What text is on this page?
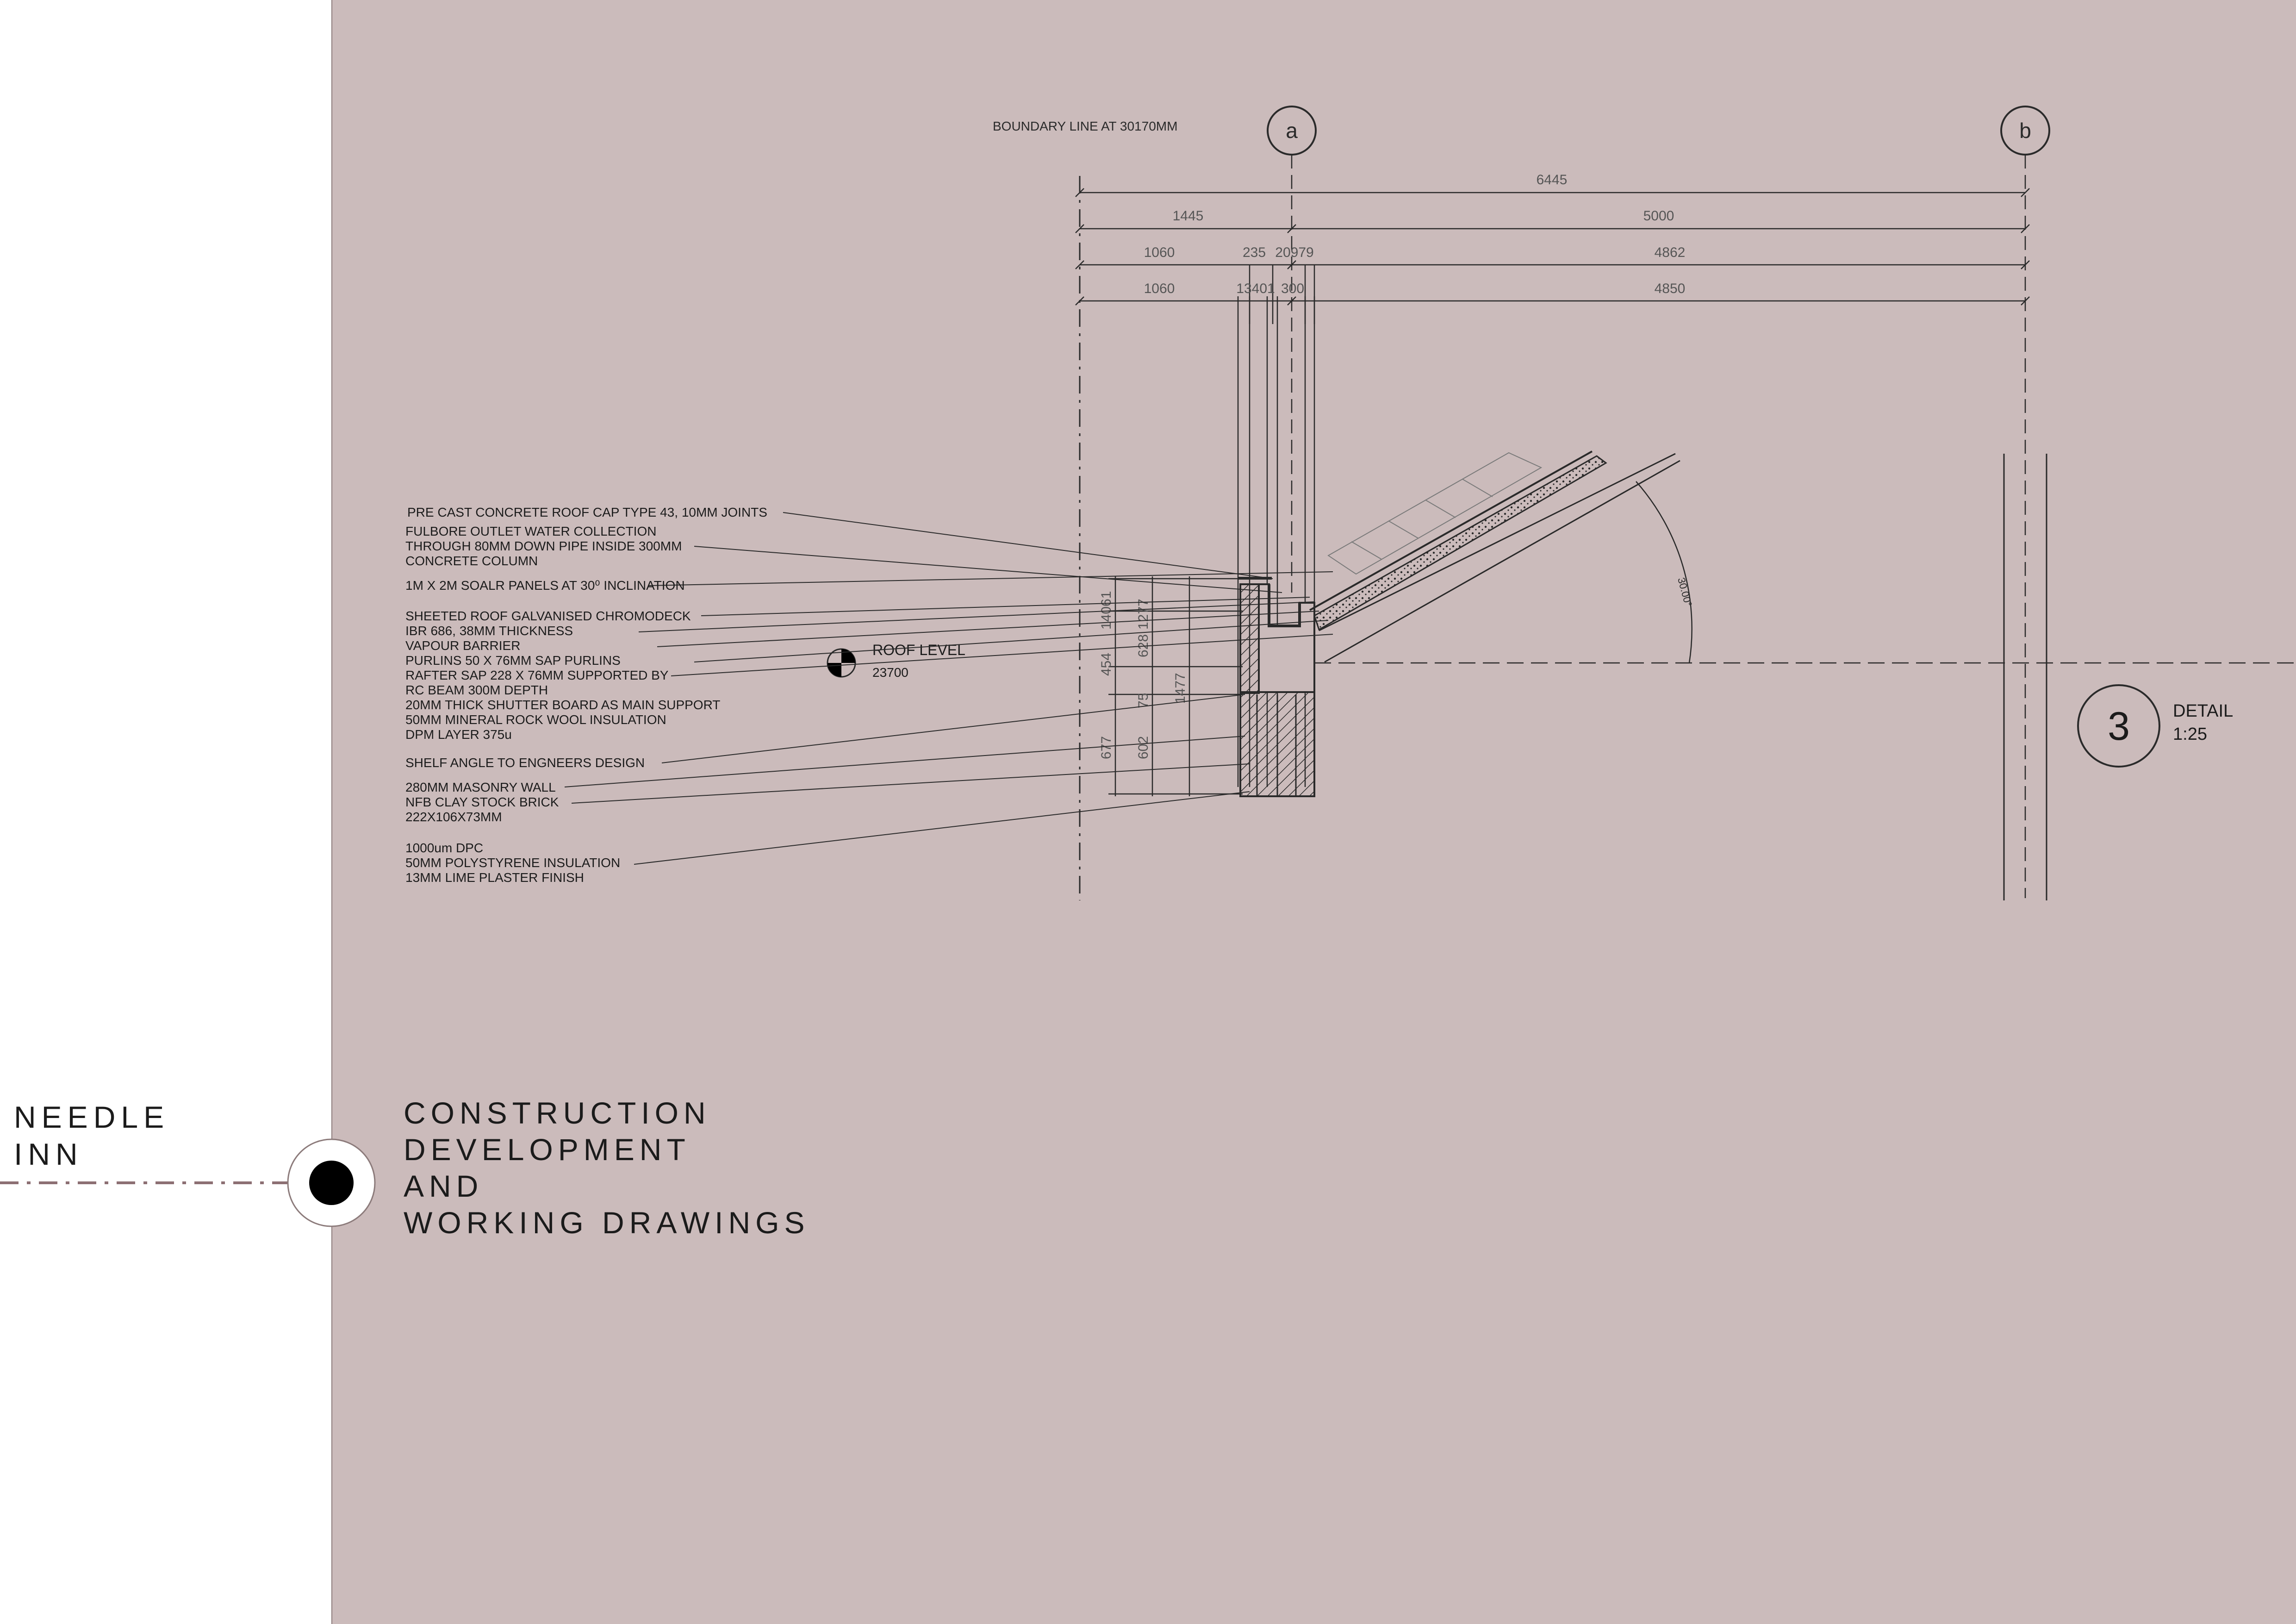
BOUNDARY LINE AT 30170MM	a	b
6445
1445	5000
1060	235 20979	4862
1060	13401 300	4850
14061 1277
454
628
1477
75
677 602
30.00°
ROOF LEVEL
23700
3 DETAIL
1:25
PRE CAST CONCRETE ROOF CAP TYPE 43, 10MM JOINTS
FULBORE OUTLET WATER COLLECTION
THROUGH 80MM DOWN PIPE INSIDE 300MM
CONCRETE COLUMN
1M X 2M SOALR PANELS AT 30⁰ INCLINATION
SHEETED ROOF GALVANISED CHROMODECK
IBR 686, 38MM THICKNESS
VAPOUR BARRIER
PURLINS 50 X 76MM SAP PURLINS
RAFTER SAP 228 X 76MM SUPPORTED BY
RC BEAM 300M DEPTH
20MM THICK SHUTTER BOARD AS MAIN SUPPORT
50MM MINERAL ROCK WOOL INSULATION
DPM LAYER 375u
SHELF ANGLE TO ENGNEERS DESIGN
280MM MASONRY WALL
NFB CLAY STOCK BRICK
222X106X73MM
1000um DPC
50MM POLYSTYRENE INSULATION
13MM LIME PLASTER FINISH
NEEDLE
INN
CONSTRUCTION
DEVELOPMENT
AND
WORKING DRAWINGS
